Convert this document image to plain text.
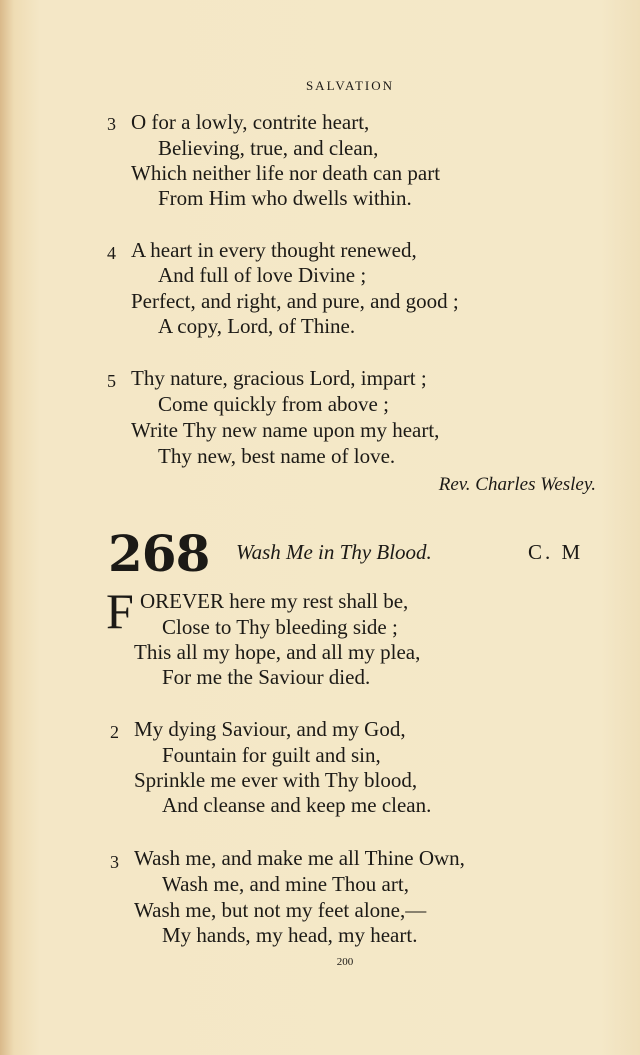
SALVATION
3 O for a lowly, contrite heart,
Believing, true, and clean,
Which neither life nor death can part
From Him who dwells within.
4 A heart in every thought renewed,
And full of love Divine ;
Perfect, and right, and pure, and good ;
A copy, Lord, of Thine.
5 Thy nature, gracious Lord, impart ;
Come quickly from above ;
Write Thy new name upon my heart,
Thy new, best name of love.
Rev. Charles Wesley.
268 Wash Me in Thy Blood.	C. M
F OREVER here my rest shall be,
Close to Thy bleeding side ;
This all my hope, and all my plea,
For me the Saviour died.
2 My dying Saviour, and my God,
Fountain for guilt and sin,
Sprinkle me ever with Thy blood,
And cleanse and keep me clean.
3 Wash me, and make me all Thine Own,
Wash me, and mine Thou art,
Wash me, but not my feet alone,—
My hands, my head, my heart.
200
